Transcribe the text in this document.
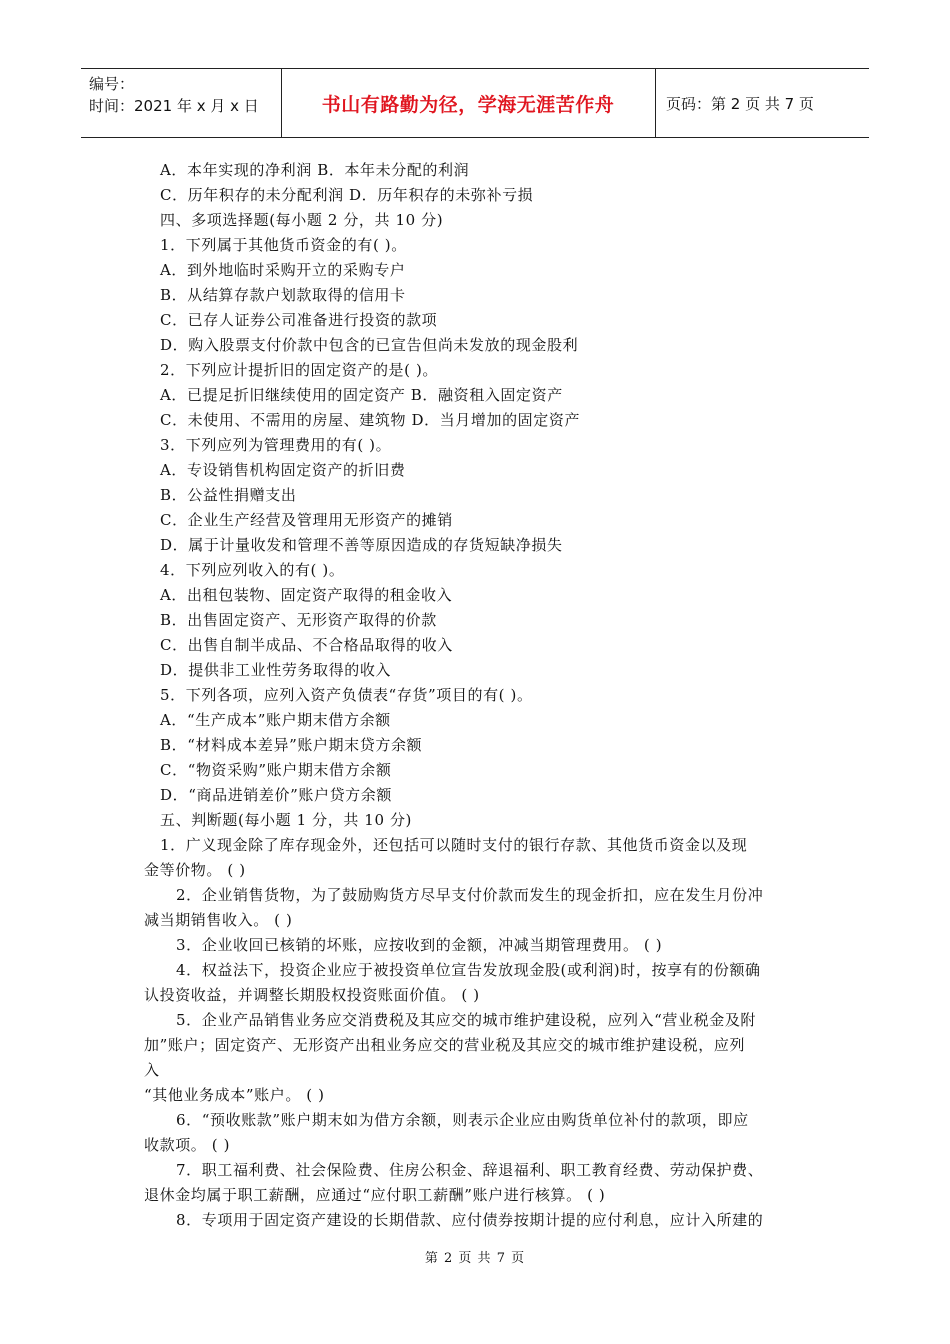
编号：
时间：2021 年 x 月 x 日	书山有路勤为径，学海无涯苦作舟	页码：第 2 页 共 7 页
A．本年实现的净利润 B．本年未分配的利润
C．历年积存的未分配利润 D．历年积存的未弥补亏损
四、多项选择题(每小题 2 分，共 10 分)
1．下列属于其他货币资金的有( )。
A．到外地临时采购开立的采购专户
B．从结算存款户划款取得的信用卡
C．已存人证券公司准备进行投资的款项
D．购入股票支付价款中包含的已宣告但尚未发放的现金股利
2．下列应计提折旧的固定资产的是( )。
A．已提足折旧继续使用的固定资产 B．融资租入固定资产
C．未使用、不需用的房屋、建筑物 D．当月增加的固定资产
3．下列应列为管理费用的有( )。
A．专设销售机构固定资产的折旧费
B．公益性捐赠支出
C．企业生产经营及管理用无形资产的摊销
D．属于计量收发和管理不善等原因造成的存货短缺净损失
4．下列应列收入的有( )。
A．出租包装物、固定资产取得的租金收入
B．出售固定资产、无形资产取得的价款
C．出售自制半成品、不合格品取得的收入
D．提供非工业性劳务取得的收入
5．下列各项，应列入资产负债表“存货”项目的有( )。
A．“生产成本”账户期末借方余额
B．“材料成本差异”账户期末贷方余额
C．“物资采购”账户期末借方余额
D．“商品进销差价”账户贷方余额
五、判断题(每小题 1 分，共 10 分)
1．广义现金除了库存现金外，还包括可以随时支付的银行存款、其他货币资金以及现
金等价物。 ( )
2．企业销售货物，为了鼓励购货方尽早支付价款而发生的现金折扣，应在发生月份冲
减当期销售收入。 ( )
3．企业收回已核销的坏账，应按收到的金额，冲减当期管理费用。 ( )
4．权益法下，投资企业应于被投资单位宣告发放现金股(或利润)时，按享有的份额确
认投资收益，并调整长期股权投资账面价值。 ( )
5．企业产品销售业务应交消费税及其应交的城市维护建设税，应列入“营业税金及附
加”账户；固定资产、无形资产出租业务应交的营业税及其应交的城市维护建设税，应列
入
“其他业务成本”账户。 ( )
6．“预收账款”账户期末如为借方余额，则表示企业应由购货单位补付的款项，即应
收款项。 ( )
7．职工福利费、社会保险费、住房公积金、辞退福利、职工教育经费、劳动保护费、
退休金均属于职工薪酬，应通过“应付职工薪酬”账户进行核算。 ( )
8．专项用于固定资产建设的长期借款、应付债券按期计提的应付利息，应计入所建的
第 2 页 共 7 页
